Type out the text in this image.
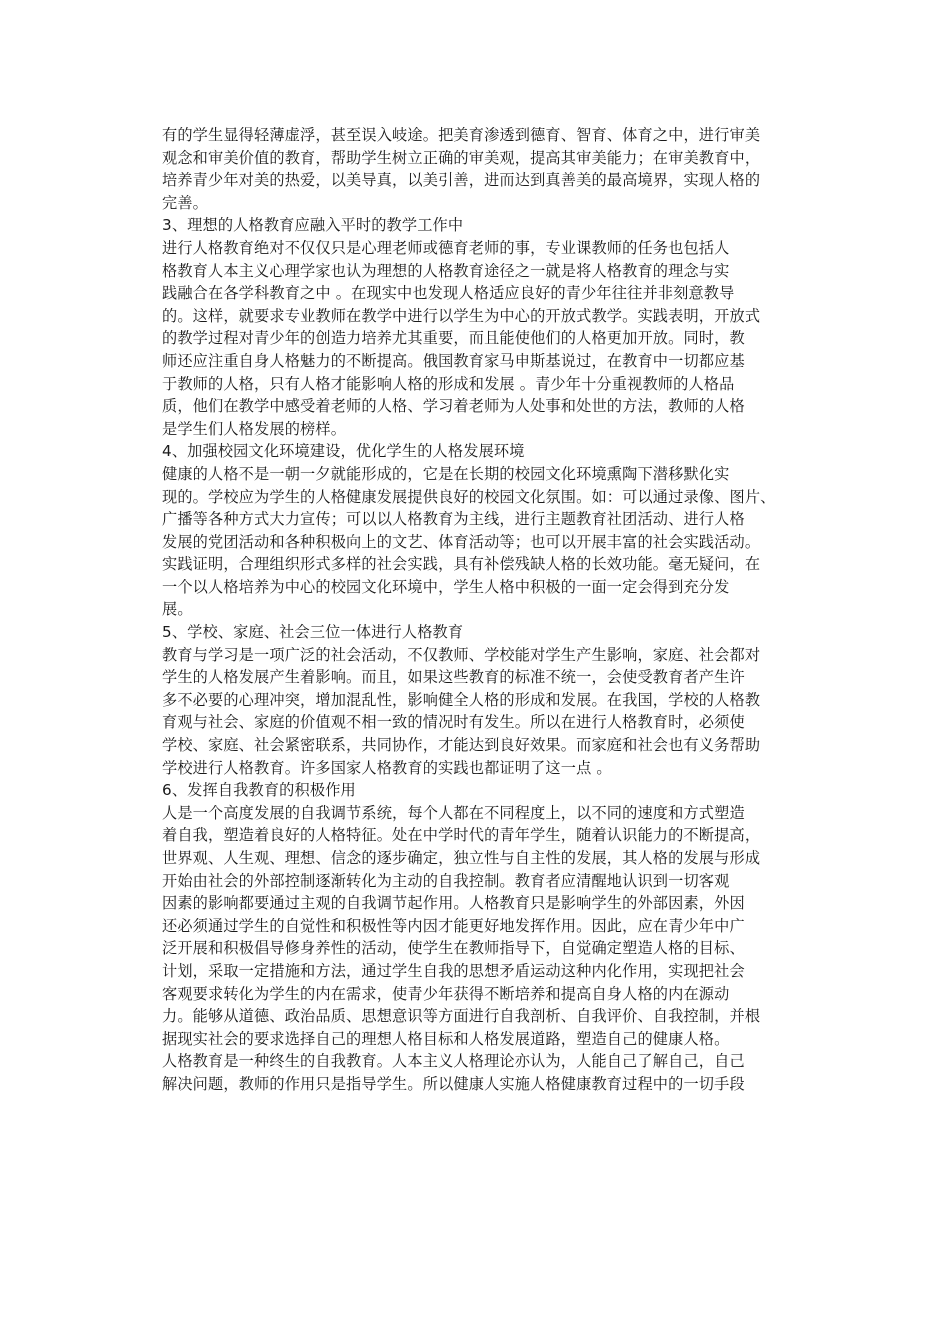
有的学生显得轻薄虚浮，甚至误入岐途。把美育渗透到德育、智育、体育之中，进行审美
观念和审美价值的教育，帮助学生树立正确的审美观，提高其审美能力；在审美教育中，
培养青少年对美的热爱，以美导真，以美引善，进而达到真善美的最高境界，实现人格的
完善。
3、理想的人格教育应融入平时的教学工作中
进行人格教育绝对不仅仅只是心理老师或德育老师的事，专业课教师的任务也包括人
格教育人本主义心理学家也认为理想的人格教育途径之一就是将人格教育的理念与实
践融合在各学科教育之中 。在现实中也发现人格适应良好的青少年往往并非刻意教导
的。这样，就要求专业教师在教学中进行以学生为中心的开放式教学。实践表明，开放式
的教学过程对青少年的创造力培养尤其重要，而且能使他们的人格更加开放。同时，教
师还应注重自身人格魅力的不断提高。俄国教育家马申斯基说过，在教育中一切都应基
于教师的人格，只有人格才能影响人格的形成和发展 。青少年十分重视教师的人格品
质，他们在教学中感受着老师的人格、学习着老师为人处事和处世的方法，教师的人格
是学生们人格发展的榜样。
4、加强校园文化环境建设，优化学生的人格发展环境
健康的人格不是一朝一夕就能形成的，它是在长期的校园文化环境熏陶下潜移默化实
现的。学校应为学生的人格健康发展提供良好的校园文化氛围。如：可以通过录像、图片、
广播等各种方式大力宣传；可以以人格教育为主线，进行主题教育社团活动、进行人格
发展的党团活动和各种积极向上的文艺、体育活动等；也可以开展丰富的社会实践活动。
实践证明，合理组织形式多样的社会实践，具有补偿残缺人格的长效功能。毫无疑问，在
一个以人格培养为中心的校园文化环境中，学生人格中积极的一面一定会得到充分发
展。
5、学校、家庭、社会三位一体进行人格教育
教育与学习是一项广泛的社会活动，不仅教师、学校能对学生产生影响，家庭、社会都对
学生的人格发展产生着影响。而且，如果这些教育的标准不统一，会使受教育者产生许
多不必要的心理冲突，增加混乱性，影响健全人格的形成和发展。在我国，学校的人格教
育观与社会、家庭的价值观不相一致的情况时有发生。所以在进行人格教育时，必须使
学校、家庭、社会紧密联系，共同协作，才能达到良好效果。而家庭和社会也有义务帮助
学校进行人格教育。许多国家人格教育的实践也都证明了这一点 。
6、发挥自我教育的积极作用
人是一个高度发展的自我调节系统，每个人都在不同程度上，以不同的速度和方式塑造
着自我，塑造着良好的人格特征。处在中学时代的青年学生，随着认识能力的不断提高，
世界观、人生观、理想、信念的逐步确定，独立性与自主性的发展，其人格的发展与形成
开始由社会的外部控制逐渐转化为主动的自我控制。教育者应清醒地认识到一切客观
因素的影响都要通过主观的自我调节起作用。人格教育只是影响学生的外部因素，外因
还必须通过学生的自觉性和积极性等内因才能更好地发挥作用。因此，应在青少年中广
泛开展和积极倡导修身养性的活动，使学生在教师指导下，自觉确定塑造人格的目标、
计划，采取一定措施和方法，通过学生自我的思想矛盾运动这种内化作用，实现把社会
客观要求转化为学生的内在需求，使青少年获得不断培养和提高自身人格的内在源动
力。能够从道德、政治品质、思想意识等方面进行自我剖析、自我评价、自我控制，并根
据现实社会的要求选择自己的理想人格目标和人格发展道路，塑造自己的健康人格。
人格教育是一种终生的自我教育。人本主义人格理论亦认为，人能自己了解自己，自己
解决问题，教师的作用只是指导学生。所以健康人实施人格健康教育过程中的一切手段
